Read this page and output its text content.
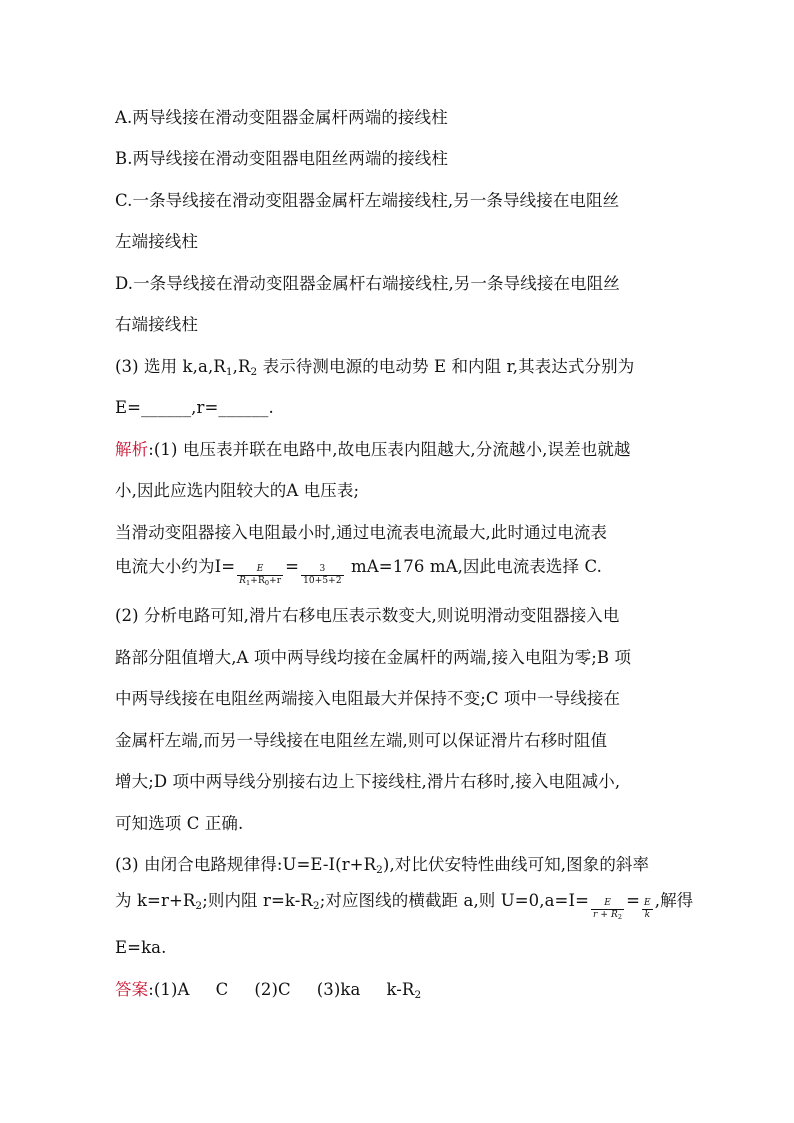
A.两导线接在滑动变阻器金属杆两端的接线柱
B.两导线接在滑动变阻器电阻丝两端的接线柱
C.一条导线接在滑动变阻器金属杆左端接线柱,另一条导线接在电阻丝
左端接线柱
D.一条导线接在滑动变阻器金属杆右端接线柱,另一条导线接在电阻丝
右端接线柱
(3) 选用 $k,a,R_1,R_2$ 表示待测电源的电动势 E 和内阻 r,其表达式分别为
E=______,r=______.
解析:(1) 电压表并联在电路中,故电压表内阻越大,分流越小,误差也就越
小,因此应选内阻较大的A 电压表;
当滑动变阻器接入电阻最小时,通过电流表电流最大,此时通过电流表
电流大小约为$I= \frac{E}{R_1+R_0+r} = \frac{3}{10+5+2} mA=176$ mA,因此电流表选择 C.
(2) 分析电路可知,滑片右移电压表示数变大,则说明滑动变阻器接入电
路部分阻值增大,A 项中两导线均接在金属杆的两端,接入电阻为零;B 项
中两导线接在电阻丝两端接入电阻最大并保持不变;C 项中一导线接在
金属杆左端,而另一导线接在电阻丝左端,则可以保证滑片右移时阻值
增大;D 项中两导线分别接右边上下接线柱,滑片右移时,接入电阻减小,
可知选项 C 正确.
(3) 由闭合电路规律得$:U=E-I(r+R_2)$,对比伏安特性曲线可知,图象的斜率
为 $k=r+R_2$;则内阻 $r=k-R_2$;对应图线的横截距 a,则 $U=0,a=I= \frac{E}{r + R_2} = \frac{E}{k}$ ,解得
E=ka.
答案:(1)A C (2)C (3)ka $k-R_2$
